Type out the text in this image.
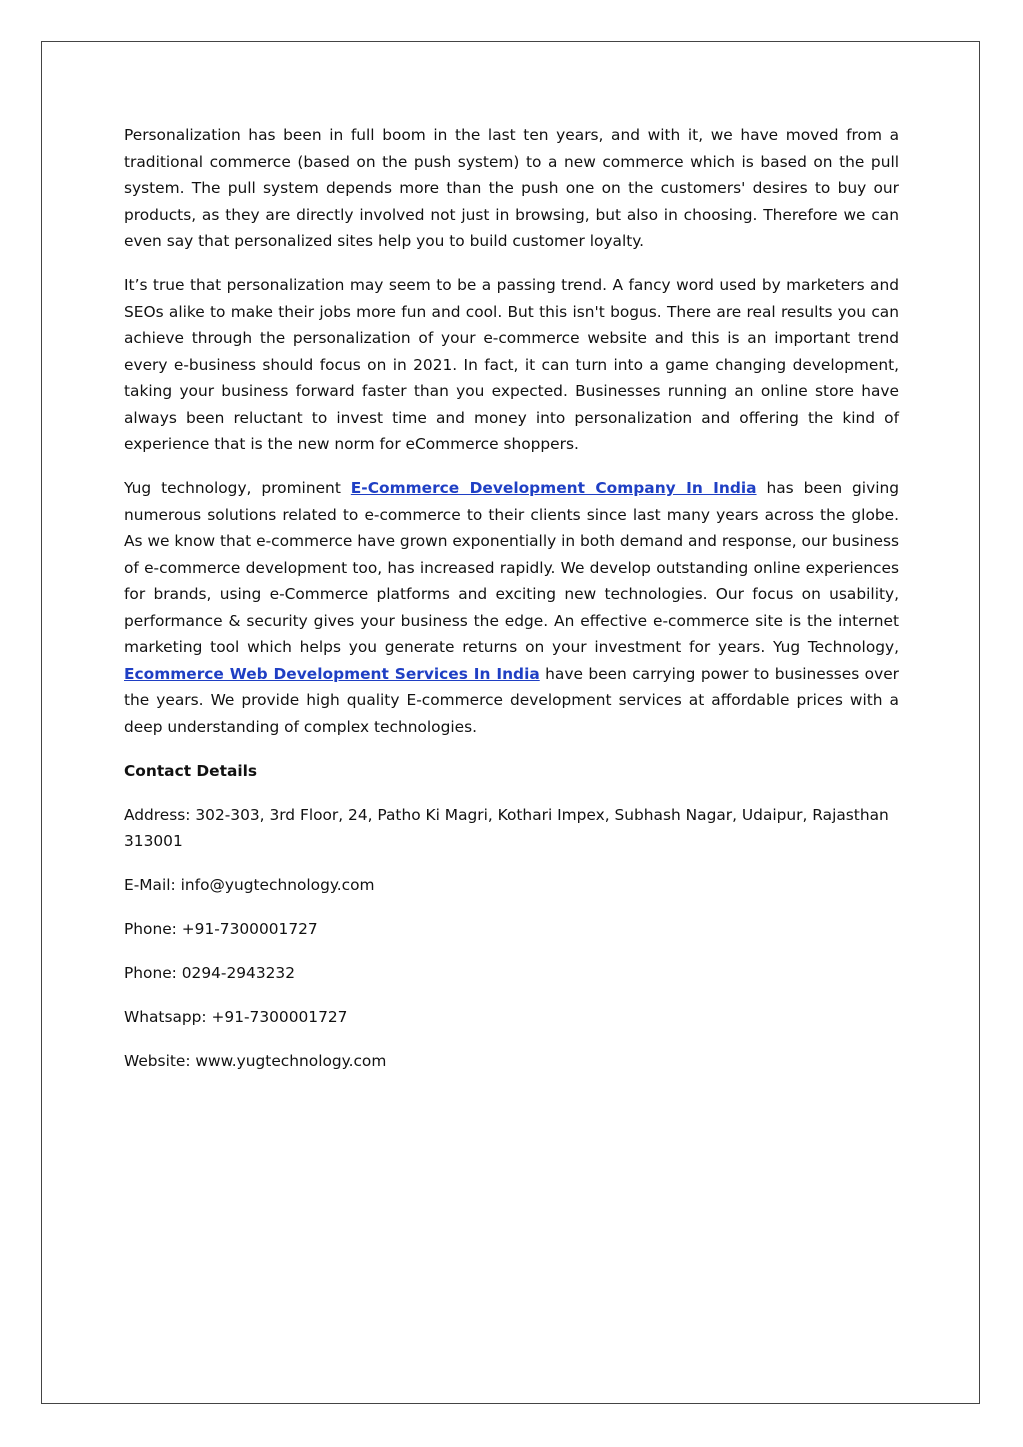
Personalization has been in full boom in the last ten years, and with it, we have moved from a traditional commerce (based on the push system) to a new commerce which is based on the pull system. The pull system depends more than the push one on the customers' desires to buy our products, as they are directly involved not just in browsing, but also in choosing. Therefore we can even say that personalized sites help you to build customer loyalty.

It’s true that personalization may seem to be a passing trend. A fancy word used by marketers and SEOs alike to make their jobs more fun and cool. But this isn't bogus. There are real results you can achieve through the personalization of your e-commerce website and this is an important trend every e-business should focus on in 2021. In fact, it can turn into a game changing development, taking your business forward faster than you expected. Businesses running an online store have always been reluctant to invest time and money into personalization and offering the kind of experience that is the new norm for eCommerce shoppers.

Yug technology, prominent E-Commerce Development Company In India has been giving numerous solutions related to e-commerce to their clients since last many years across the globe. As we know that e-commerce have grown exponentially in both demand and response, our business of e-commerce development too, has increased rapidly. We develop outstanding online experiences for brands, using e-Commerce platforms and exciting new technologies. Our focus on usability, performance & security gives your business the edge. An effective e-commerce site is the internet marketing tool which helps you generate returns on your investment for years. Yug Technology, Ecommerce Web Development Services In India have been carrying power to businesses over the years. We provide high quality E-commerce development services at affordable prices with a deep understanding of complex technologies.

Contact Details

Address: 302-303, 3rd Floor, 24, Patho Ki Magri, Kothari Impex, Subhash Nagar, Udaipur, Rajasthan 313001

E-Mail: info@yugtechnology.com

Phone: +91-7300001727

Phone: 0294-2943232

Whatsapp: +91-7300001727

Website: www.yugtechnology.com
